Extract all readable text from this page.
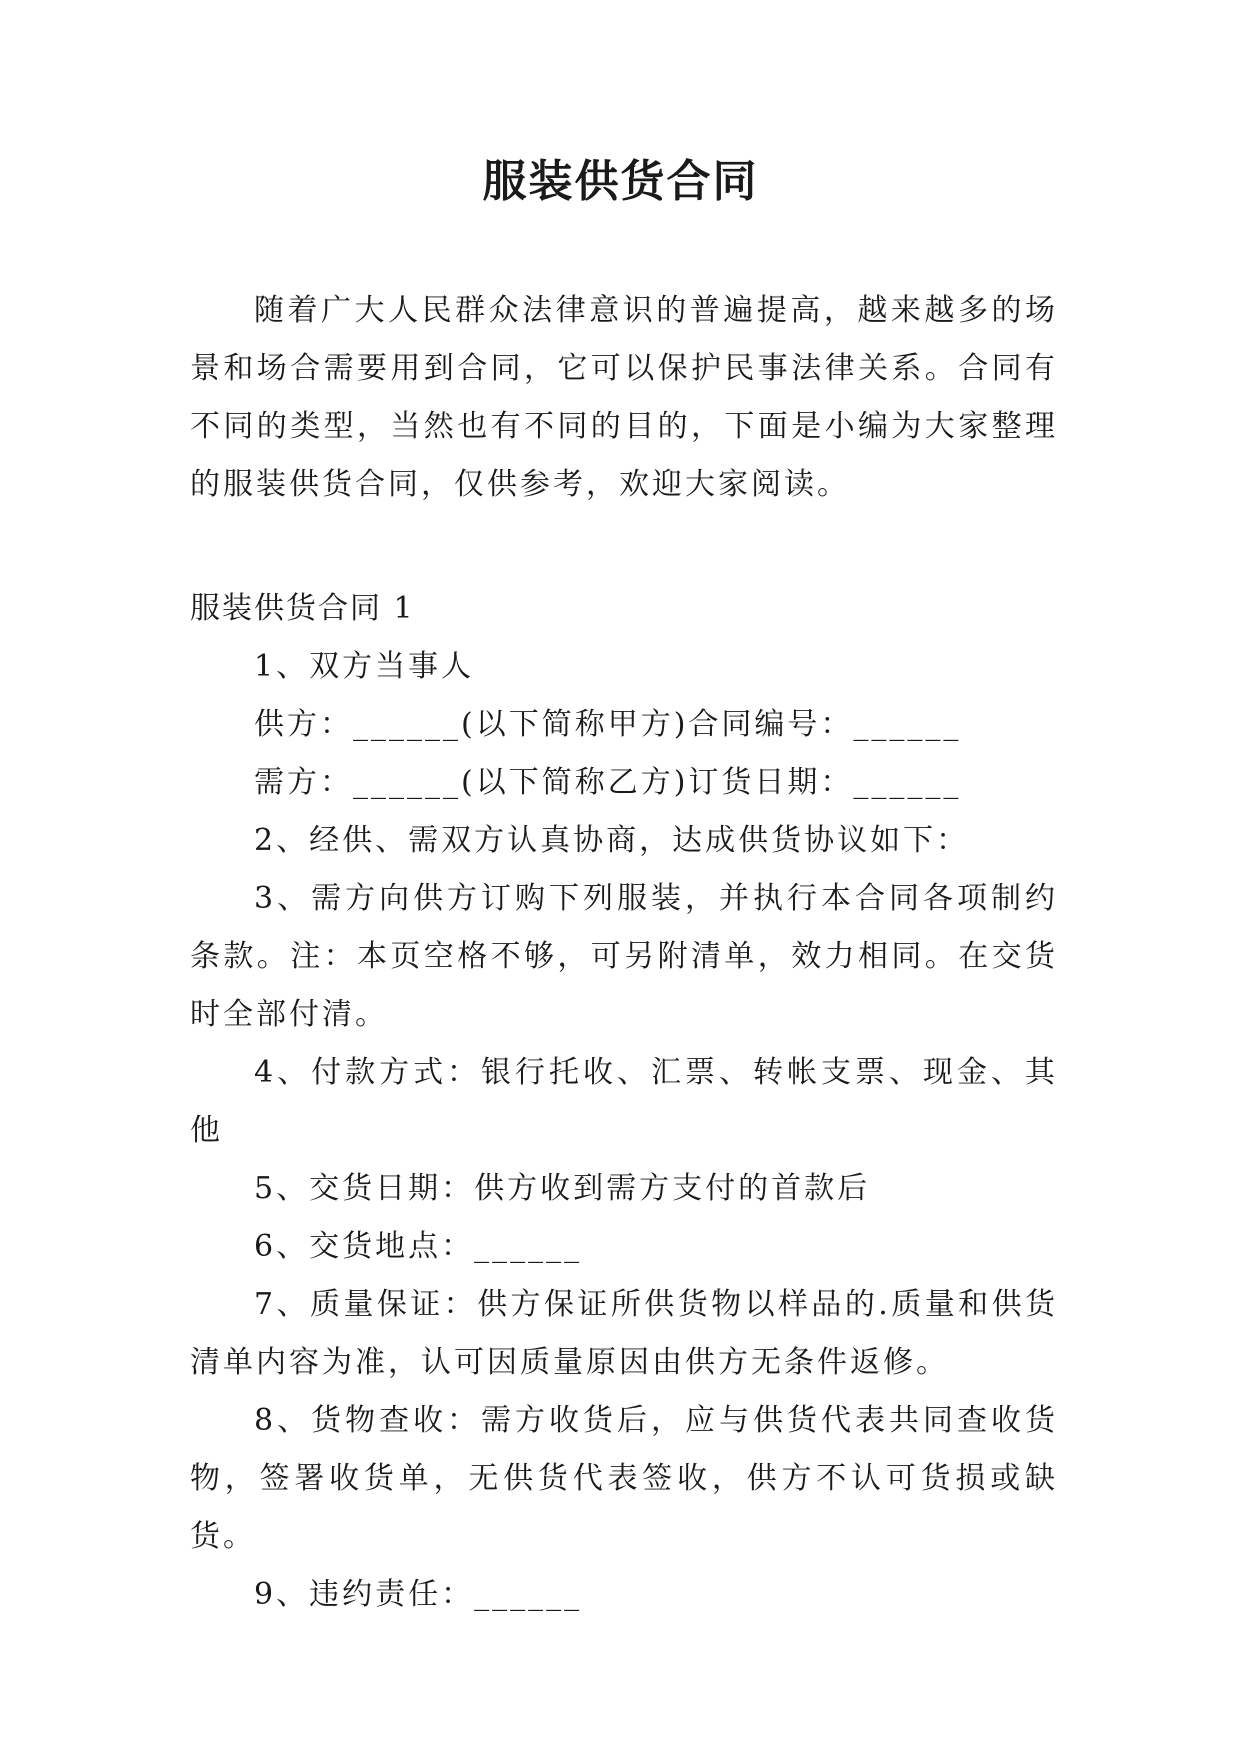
服装供货合同

随着广大人民群众法律意识的普遍提高，越来越多的场景和场合需要用到合同，它可以保护民事法律关系。合同有不同的类型，当然也有不同的目的，下面是小编为大家整理的服装供货合同，仅供参考，欢迎大家阅读。

服装供货合同 1

1、双方当事人

供方：______(以下简称甲方)合同编号：______

需方：______(以下简称乙方)订货日期：______

2、经供、需双方认真协商，达成供货协议如下：

3、需方向供方订购下列服装，并执行本合同各项制约条款。注：本页空格不够，可另附清单，效力相同。在交货时全部付清。

4、付款方式：银行托收、汇票、转帐支票、现金、其他

5、交货日期：供方收到需方支付的首款后

6、交货地点：______

7、质量保证：供方保证所供货物以样品的.质量和供货清单内容为准，认可因质量原因由供方无条件返修。

8、货物查收：需方收货后，应与供货代表共同查收货物，签署收货单，无供货代表签收，供方不认可货损或缺货。

9、违约责任：______
